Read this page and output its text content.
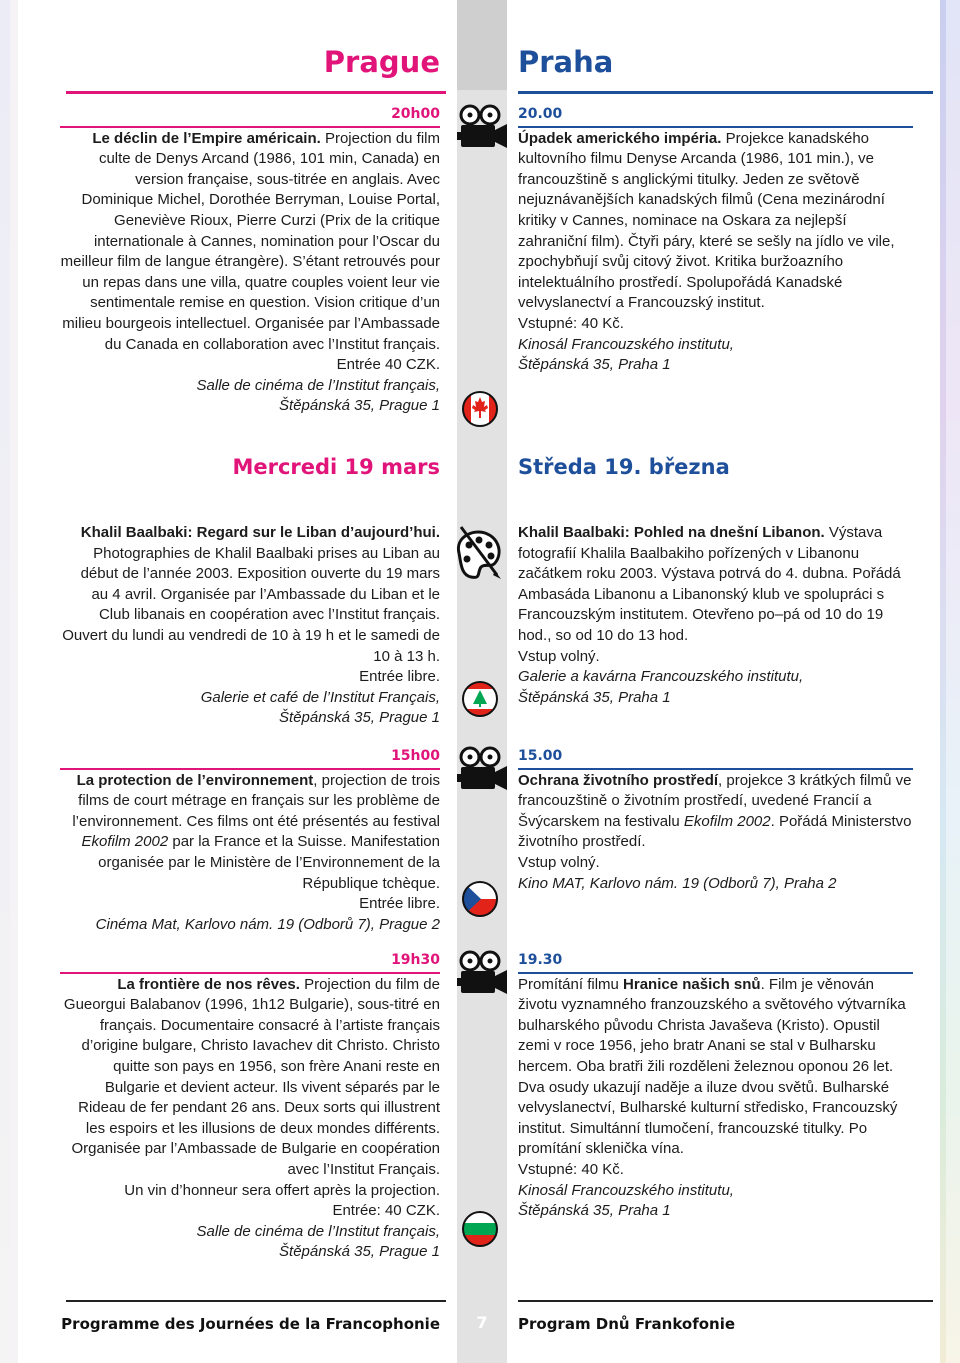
Prague	Praha

20h00

Le déclin de l’Empire américain. Projection du film culte de Denys Arcand (1986, 101 min, Canada) en version française, sous-titrée en anglais. Avec Dominique Michel, Dorothée Berryman, Louise Portal, Geneviève Rioux, Pierre Curzi (Prix de la critique internationale à Cannes, nomination pour l’Oscar du meilleur film de langue étrangère). S’étant retrouvés pour un repas dans une villa, quatre couples voient leur vie sentimentale remise en question. Vision critique d’un milieu bourgeois intellectuel. Organisée par l’Ambassade du Canada en collaboration avec l’Institut français.

Entrée 40 CZK.

Salle de cinéma de l’Institut français,

Štěpánská 35, Prague 1

20.00

Úpadek amerického impéria. Projekce kanadského kultovního filmu Denyse Arcanda (1986, 101 min.), ve francouzštině s anglickými titulky. Jeden ze světově nejuznávanějších kanadských filmů (Cena mezinárodní kritiky v Cannes, nominace na Oskara za nejlepší zahraniční film). Čtyři páry, které se sešly na jídlo ve vile, zpochybňují svůj citový život. Kritika buržoazního intelektuálního prostředí. Spolupořádá Kanadské velvyslanectví a Francouzský institut.

Vstupné: 40 Kč.

Kinosál Francouzského institutu,

Štěpánská 35, Praha 1

Mercredi 19 mars	Středa 19. března

Khalil Baalbaki: Regard sur le Liban d’aujourd’hui. Photographies de Khalil Baalbaki prises au Liban au début de l’année 2003. Exposition ouverte du 19 mars au 4 avril. Organisée par l’Ambassade du Liban et le Club libanais en coopération avec l’Institut français. Ouvert du lundi au vendredi de 10 à 19 h et le samedi de 10 à 13 h.

Entrée libre.

Galerie et café de l’Institut Français,

Štěpánská 35, Prague 1

Khalil Baalbaki: Pohled na dnešní Libanon. Výstava fotografií Khalila Baalbakiho pořízených v Libanonu začátkem roku 2003. Výstava potrvá do 4. dubna. Pořádá Ambasáda Libanonu a Libanonský klub ve spolupráci s Francouzským institutem. Otevřeno po–pá od 10 do 19 hod., so od 10 do 13 hod.

Vstup volný.

Galerie a kavárna Francouzského institutu,

Štěpánská 35, Praha 1

15h00

La protection de l’environnement, projection de trois films de court métrage en français sur les problème de l’environnement. Ces films ont été présentés au festival Ekofilm 2002 par la France et la Suisse. Manifestation organisée par le Ministère de l’Environnement de la République tchèque.

Entrée libre.

Cinéma Mat, Karlovo nám. 19 (Odborů 7), Prague 2

15.00

Ochrana životního prostředí, projekce 3 krátkých filmů ve francouzštině o životním prostředí, uvedené Francií a Švýcarskem na festivalu Ekofilm 2002. Pořádá Ministerstvo životního prostředí.

Vstup volný.

Kino MAT, Karlovo nám. 19 (Odborů 7), Praha 2

19h30

La frontière de nos rêves. Projection du film de Gueorgui Balabanov (1996, 1h12 Bulgarie), sous-titré en français. Documentaire consacré à l’artiste français d’origine bulgare, Christo Iavachev dit Christo. Christo quitte son pays en 1956, son frère Anani reste en Bulgarie et devient acteur. Ils vivent séparés par le Rideau de fer pendant 26 ans. Deux sorts qui illustrent les espoirs et les illusions de deux mondes différents. Organisée par l’Ambassade de Bulgarie en coopération avec l’Institut Français.

Un vin d’honneur sera offert après la projection.

Entrée: 40 CZK.

Salle de cinéma de l’Institut français,

Štěpánská 35, Prague 1

19.30

Promítání filmu Hranice našich snů. Film je věnován životu vyznamného franzouzského a světového výtvarníka bulharského původu Christa Javaševa (Kristo). Opustil zemi v roce 1956, jeho bratr Anani se stal v Bulharsku hercem. Oba bratři žili rozděleni železnou oponou 26 let. Dva osudy ukazují naděje a iluze dvou světů. Bulharské velvyslanectví, Bulharské kulturní středisko, Francouzský institut. Simultánní tlumočení, francouzské titulky. Po promítání sklenička vína.

Vstupné: 40 Kč.

Kinosál Francouzského institutu,

Štěpánská 35, Praha 1

Programme des Journées de la Francophonie	7	Program Dnů Frankofonie
